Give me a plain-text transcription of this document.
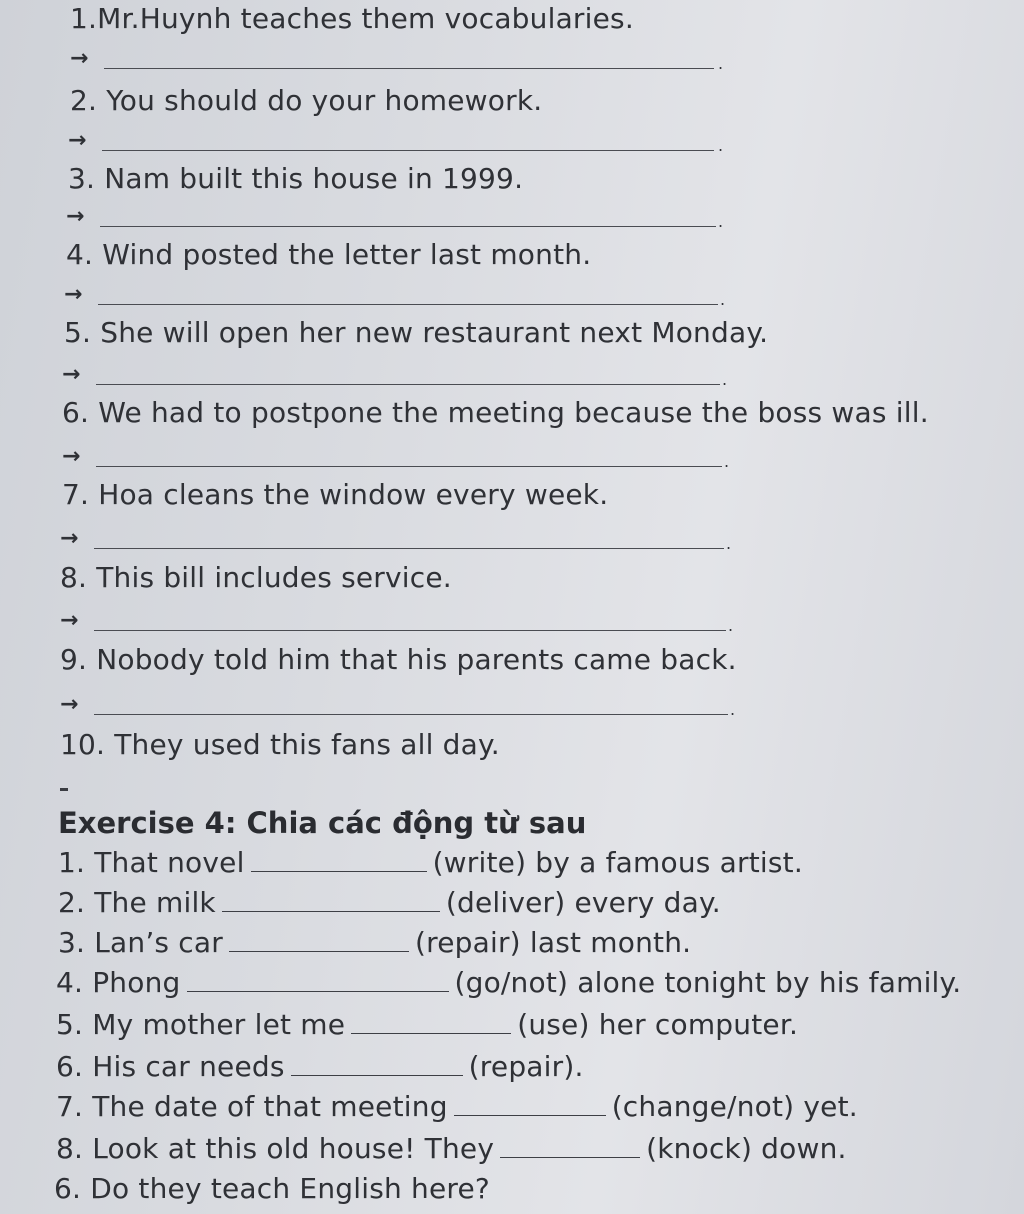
1.Mr.Huynh teaches them vocabularies.
→	.
2. You should do your homework.
→	.
3. Nam built this house in 1999.
→	.
4. Wind posted the letter last month.
→	.
5. She will open her new restaurant next Monday.
→	.
6. We had to postpone the meeting because the boss was ill.
→	.
7. Hoa cleans the window every week.
→	.
8. This bill includes service.
→	.
9. Nobody told him that his parents came back.
→	.
10. They used this fans all day.
Exercise 4: Chia các động từ sau
1. That novel	(write) by a famous artist.
2. The milk	(deliver) every day.
3. Lan’s car	(repair) last month.
4. Phong	(go/not) alone tonight by his family.
5. My mother let me	(use) her computer.
6. His car needs	(repair).
7. The date of that meeting	(change/not) yet.
8. Look at this old house! They	(knock) down.
6. Do they teach English here?
